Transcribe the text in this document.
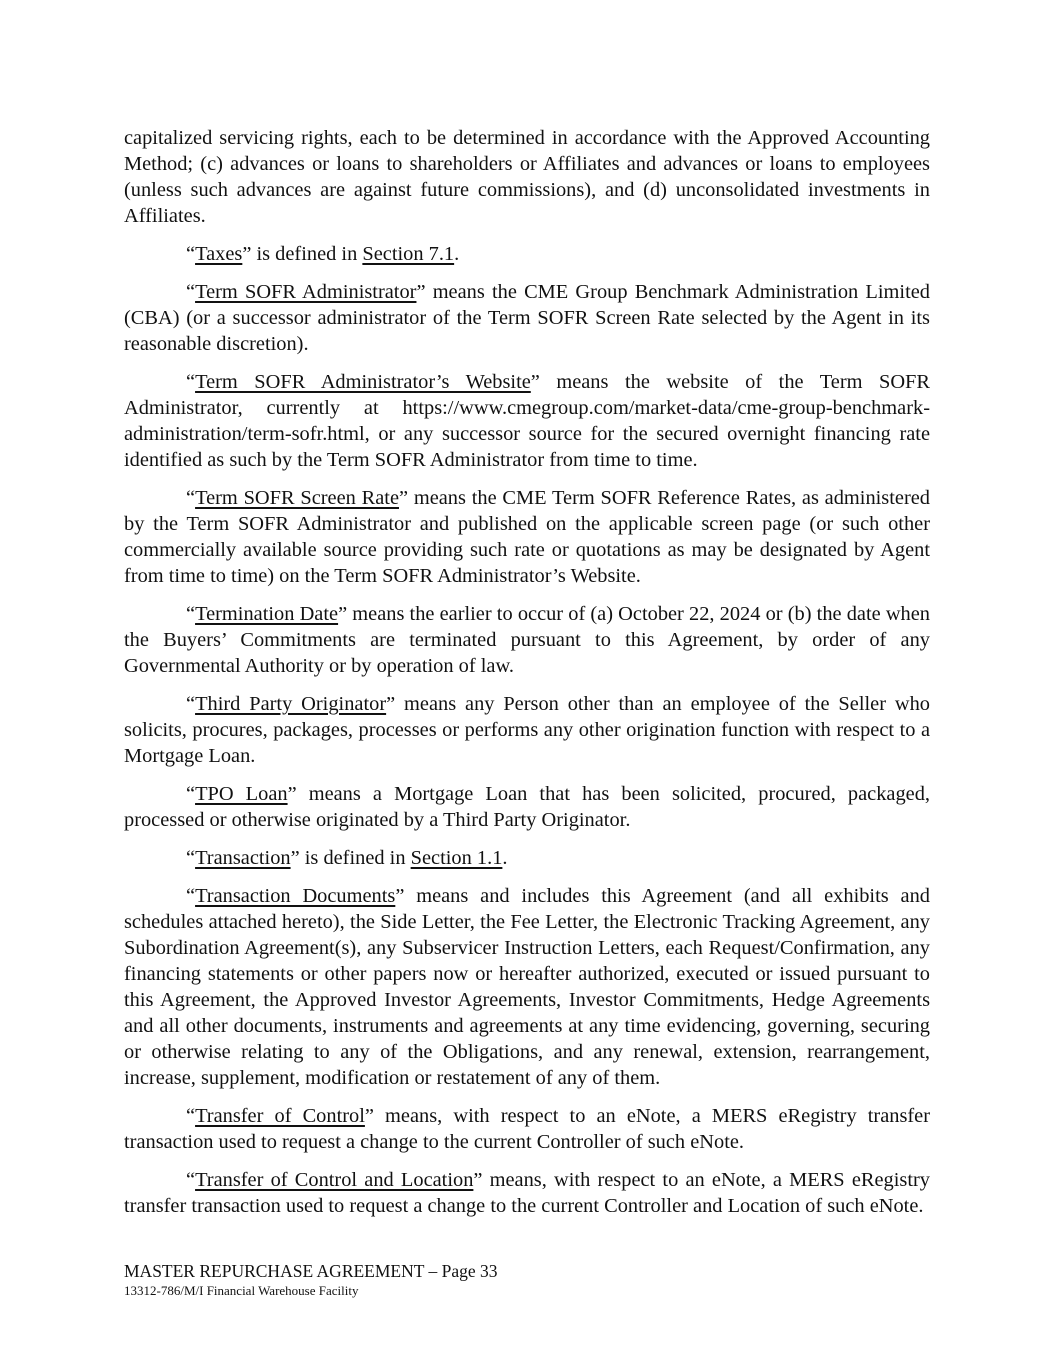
capitalized servicing rights, each to be determined in accordance with the Approved Accounting Method; (c) advances or loans to shareholders or Affiliates and advances or loans to employees (unless such advances are against future commissions), and (d) unconsolidated investments in Affiliates.

“Taxes” is defined in Section 7.1.

“Term SOFR Administrator” means the CME Group Benchmark Administration Limited (CBA) (or a successor administrator of the Term SOFR Screen Rate selected by the Agent in its reasonable discretion).

“Term SOFR Administrator’s Website” means the website of the Term SOFR Administrator, currently at https://www.cmegroup.com/market-data/cme-group-benchmark-administration/term-sofr.html, or any successor source for the secured overnight financing rate identified as such by the Term SOFR Administrator from time to time.

“Term SOFR Screen Rate” means the CME Term SOFR Reference Rates, as administered by the Term SOFR Administrator and published on the applicable screen page (or such other commercially available source providing such rate or quotations as may be designated by Agent from time to time) on the Term SOFR Administrator’s Website.

“Termination Date” means the earlier to occur of (a) October 22, 2024 or (b) the date when the Buyers’ Commitments are terminated pursuant to this Agreement, by order of any Governmental Authority or by operation of law.

“Third Party Originator” means any Person other than an employee of the Seller who solicits, procures, packages, processes or performs any other origination function with respect to a Mortgage Loan.

“TPO Loan” means a Mortgage Loan that has been solicited, procured, packaged, processed or otherwise originated by a Third Party Originator.

“Transaction” is defined in Section 1.1.

“Transaction Documents” means and includes this Agreement (and all exhibits and schedules attached hereto), the Side Letter, the Fee Letter, the Electronic Tracking Agreement, any Subordination Agreement(s), any Subservicer Instruction Letters, each Request/Confirmation, any financing statements or other papers now or hereafter authorized, executed or issued pursuant to this Agreement, the Approved Investor Agreements, Investor Commitments, Hedge Agreements and all other documents, instruments and agreements at any time evidencing, governing, securing or otherwise relating to any of the Obligations, and any renewal, extension, rearrangement, increase, supplement, modification or restatement of any of them.

“Transfer of Control” means, with respect to an eNote, a MERS eRegistry transfer transaction used to request a change to the current Controller of such eNote.

“Transfer of Control and Location” means, with respect to an eNote, a MERS eRegistry transfer transaction used to request a change to the current Controller and Location of such eNote.

MASTER REPURCHASE AGREEMENT – Page 33
13312-786/M/I Financial Warehouse Facility
